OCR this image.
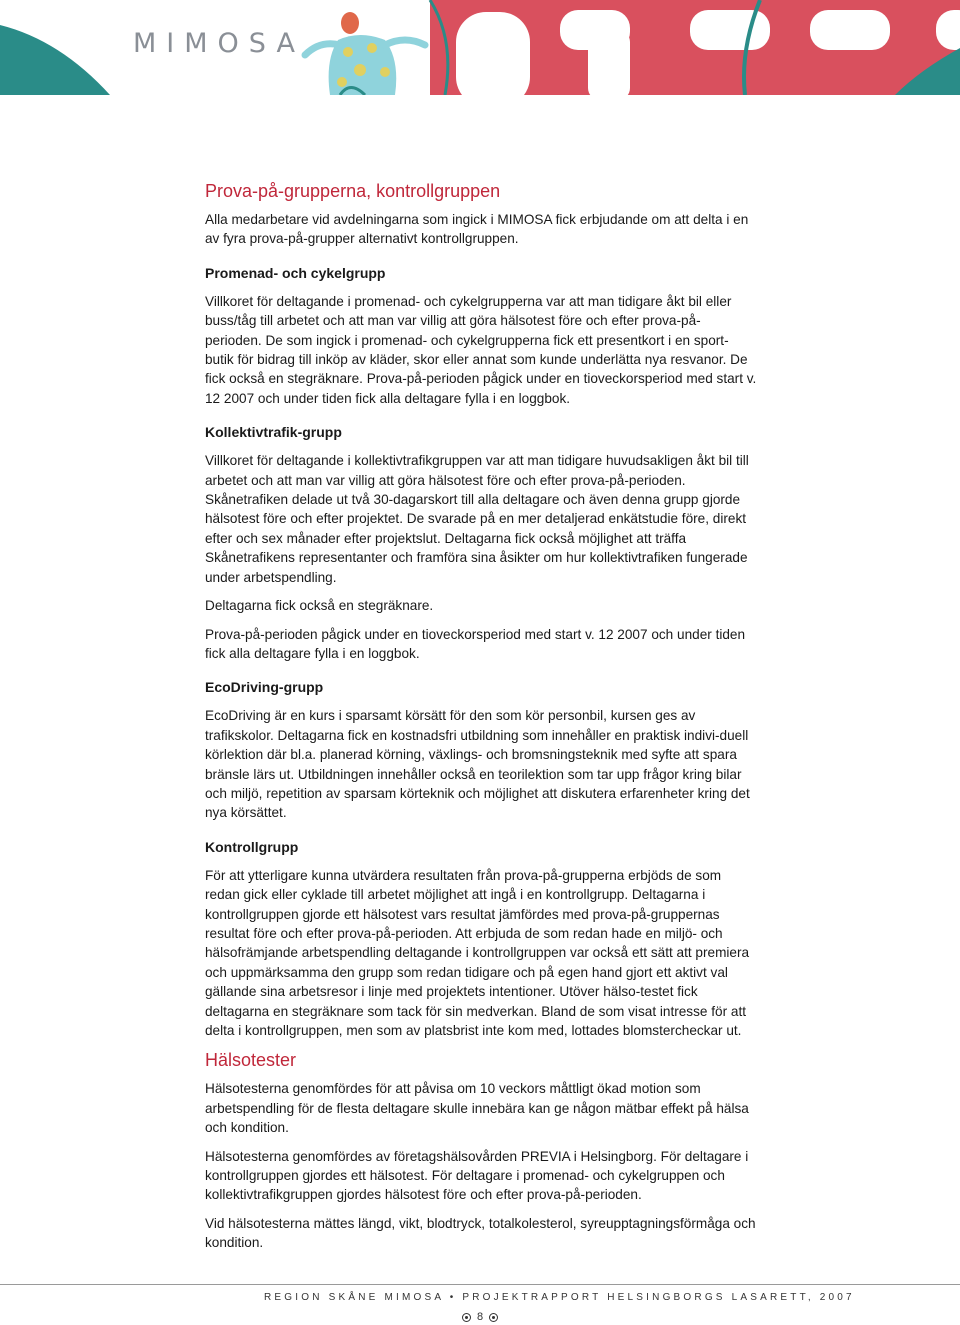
MIMOSA
Prova-på-grupperna, kontrollgruppen

Alla medarbetare vid avdelningarna som ingick i MIMOSA fick erbjudande om att delta i en av fyra prova-på-grupper alternativt kontrollgruppen.

Promenad- och cykelgrupp

Villkoret för deltagande i promenad- och cykelgrupperna var att man tidigare åkt bil eller buss/tåg till arbetet och att man var villig att göra hälsotest före och efter prova-på-perioden. De som ingick i promenad- och cykelgrupperna fick ett presentkort i en sport-butik för bidrag till inköp av kläder, skor eller annat som kunde underlätta nya resvanor. De fick också en stegräknare. Prova-på-perioden pågick under en tioveckorsperiod med start v. 12 2007 och under tiden fick alla deltagare fylla i en loggbok.

Kollektivtrafik-grupp

Villkoret för deltagande i kollektivtrafikgruppen var att man tidigare huvudsakligen åkt bil till arbetet och att man var villig att göra hälsotest före och efter prova-på-perioden. Skånetrafiken delade ut två 30-dagarskort till alla deltagare och även denna grupp gjorde hälsotest före och efter projektet. De svarade på en mer detaljerad enkätstudie före, direkt efter och sex månader efter projektslut. Deltagarna fick också möjlighet att träffa Skånetrafikens representanter och framföra sina åsikter om hur kollektivtrafiken fungerade under arbetspendling.

Deltagarna fick också en stegräknare.

Prova-på-perioden pågick under en tioveckorsperiod med start v. 12 2007 och under tiden fick alla deltagare fylla i en loggbok.

EcoDriving-grupp

EcoDriving är en kurs i sparsamt körsätt för den som kör personbil, kursen ges av trafikskolor. Deltagarna fick en kostnadsfri utbildning som innehåller en praktisk indivi-duell körlektion där bl.a. planerad körning, växlings- och bromsningsteknik med syfte att spara bränsle lärs ut. Utbildningen innehåller också en teorilektion som tar upp frågor kring bilar och miljö, repetition av sparsam körteknik och möjlighet att diskutera erfarenheter kring det nya körsättet.

Kontrollgrupp

För att ytterligare kunna utvärdera resultaten från prova-på-grupperna erbjöds de som redan gick eller cyklade till arbetet möjlighet att ingå i en kontrollgrupp. Deltagarna i kontrollgruppen gjorde ett hälsotest vars resultat jämfördes med prova-på-gruppernas resultat före och efter prova-på-perioden. Att erbjuda de som redan hade en miljö- och hälsofrämjande arbetspendling deltagande i kontrollgruppen var också ett sätt att premiera och uppmärksamma den grupp som redan tidigare och på egen hand gjort ett aktivt val gällande sina arbetsresor i linje med projektets intentioner. Utöver hälso-testet fick deltagarna en stegräknare som tack för sin medverkan. Bland de som visat intresse för att delta i kontrollgruppen, men som av platsbrist inte kom med, lottades blomstercheckar ut.

Hälsotester

Hälsotesterna genomfördes för att påvisa om 10 veckors måttligt ökad motion som arbetspendling för de flesta deltagare skulle innebära kan ge någon mätbar effekt på hälsa och kondition.

Hälsotesterna genomfördes av företagshälsovården PREVIA i Helsingborg. För deltagare i kontrollgruppen gjordes ett hälsotest. För deltagare i promenad- och cykelgruppen och kollektivtrafikgruppen gjordes hälsotest före och efter prova-på-perioden.

Vid hälsotesterna mättes längd, vikt, blodtryck, totalkolesterol, syreupptagningsförmåga och kondition.

REGION SKÅNE MIMOSA • PROJEKTRAPPORT HELSINGBORGS LASARETT, 2007
8
